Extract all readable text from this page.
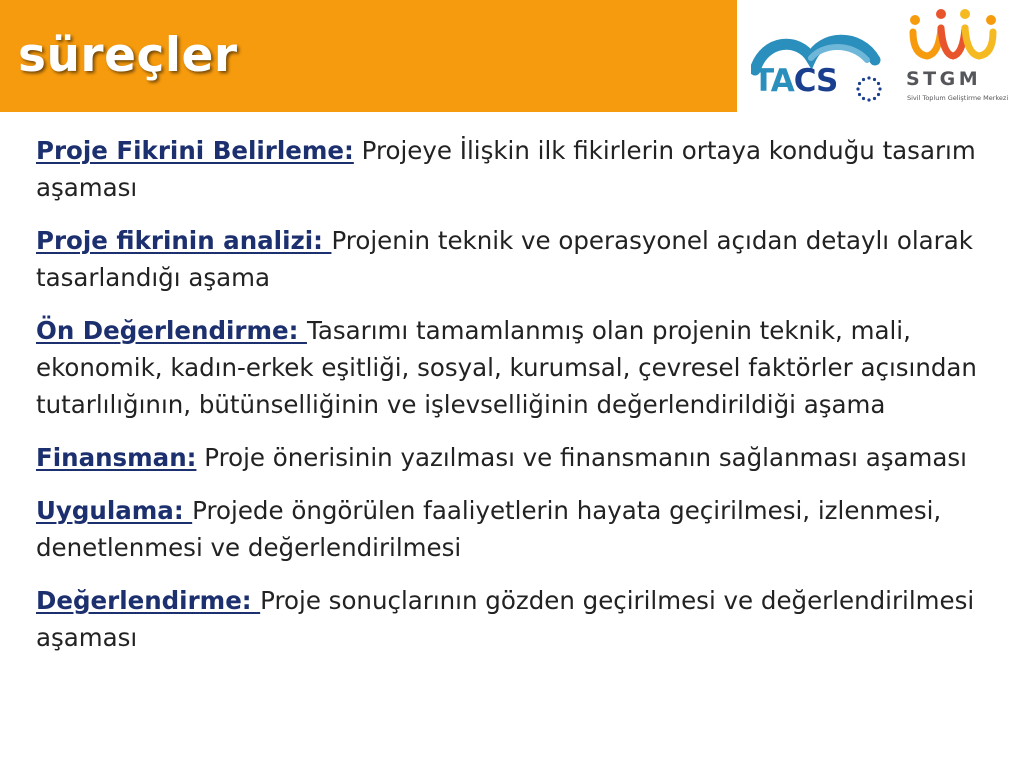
süreçler	TACS	STGM
Sivil Toplum Geliştirme Merkezi

Proje Fikrini Belirleme: Projeye İlişkin ilk fikirlerin ortaya konduğu tasarım aşaması

Proje fikrinin analizi: Projenin teknik ve operasyonel açıdan detaylı olarak tasarlandığı aşama

Ön Değerlendirme: Tasarımı tamamlanmış olan projenin teknik, mali, ekonomik, kadın-erkek eşitliği, sosyal, kurumsal, çevresel faktörler açısından tutarlılığının, bütünselliğinin ve işlevselliğinin değerlendirildiği aşama

Finansman: Proje önerisinin yazılması ve finansmanın sağlanması aşaması

Uygulama: Projede öngörülen faaliyetlerin hayata geçirilmesi, izlenmesi, denetlenmesi ve değerlendirilmesi

Değerlendirme: Proje sonuçlarının gözden geçirilmesi ve değerlendirilmesi aşaması
